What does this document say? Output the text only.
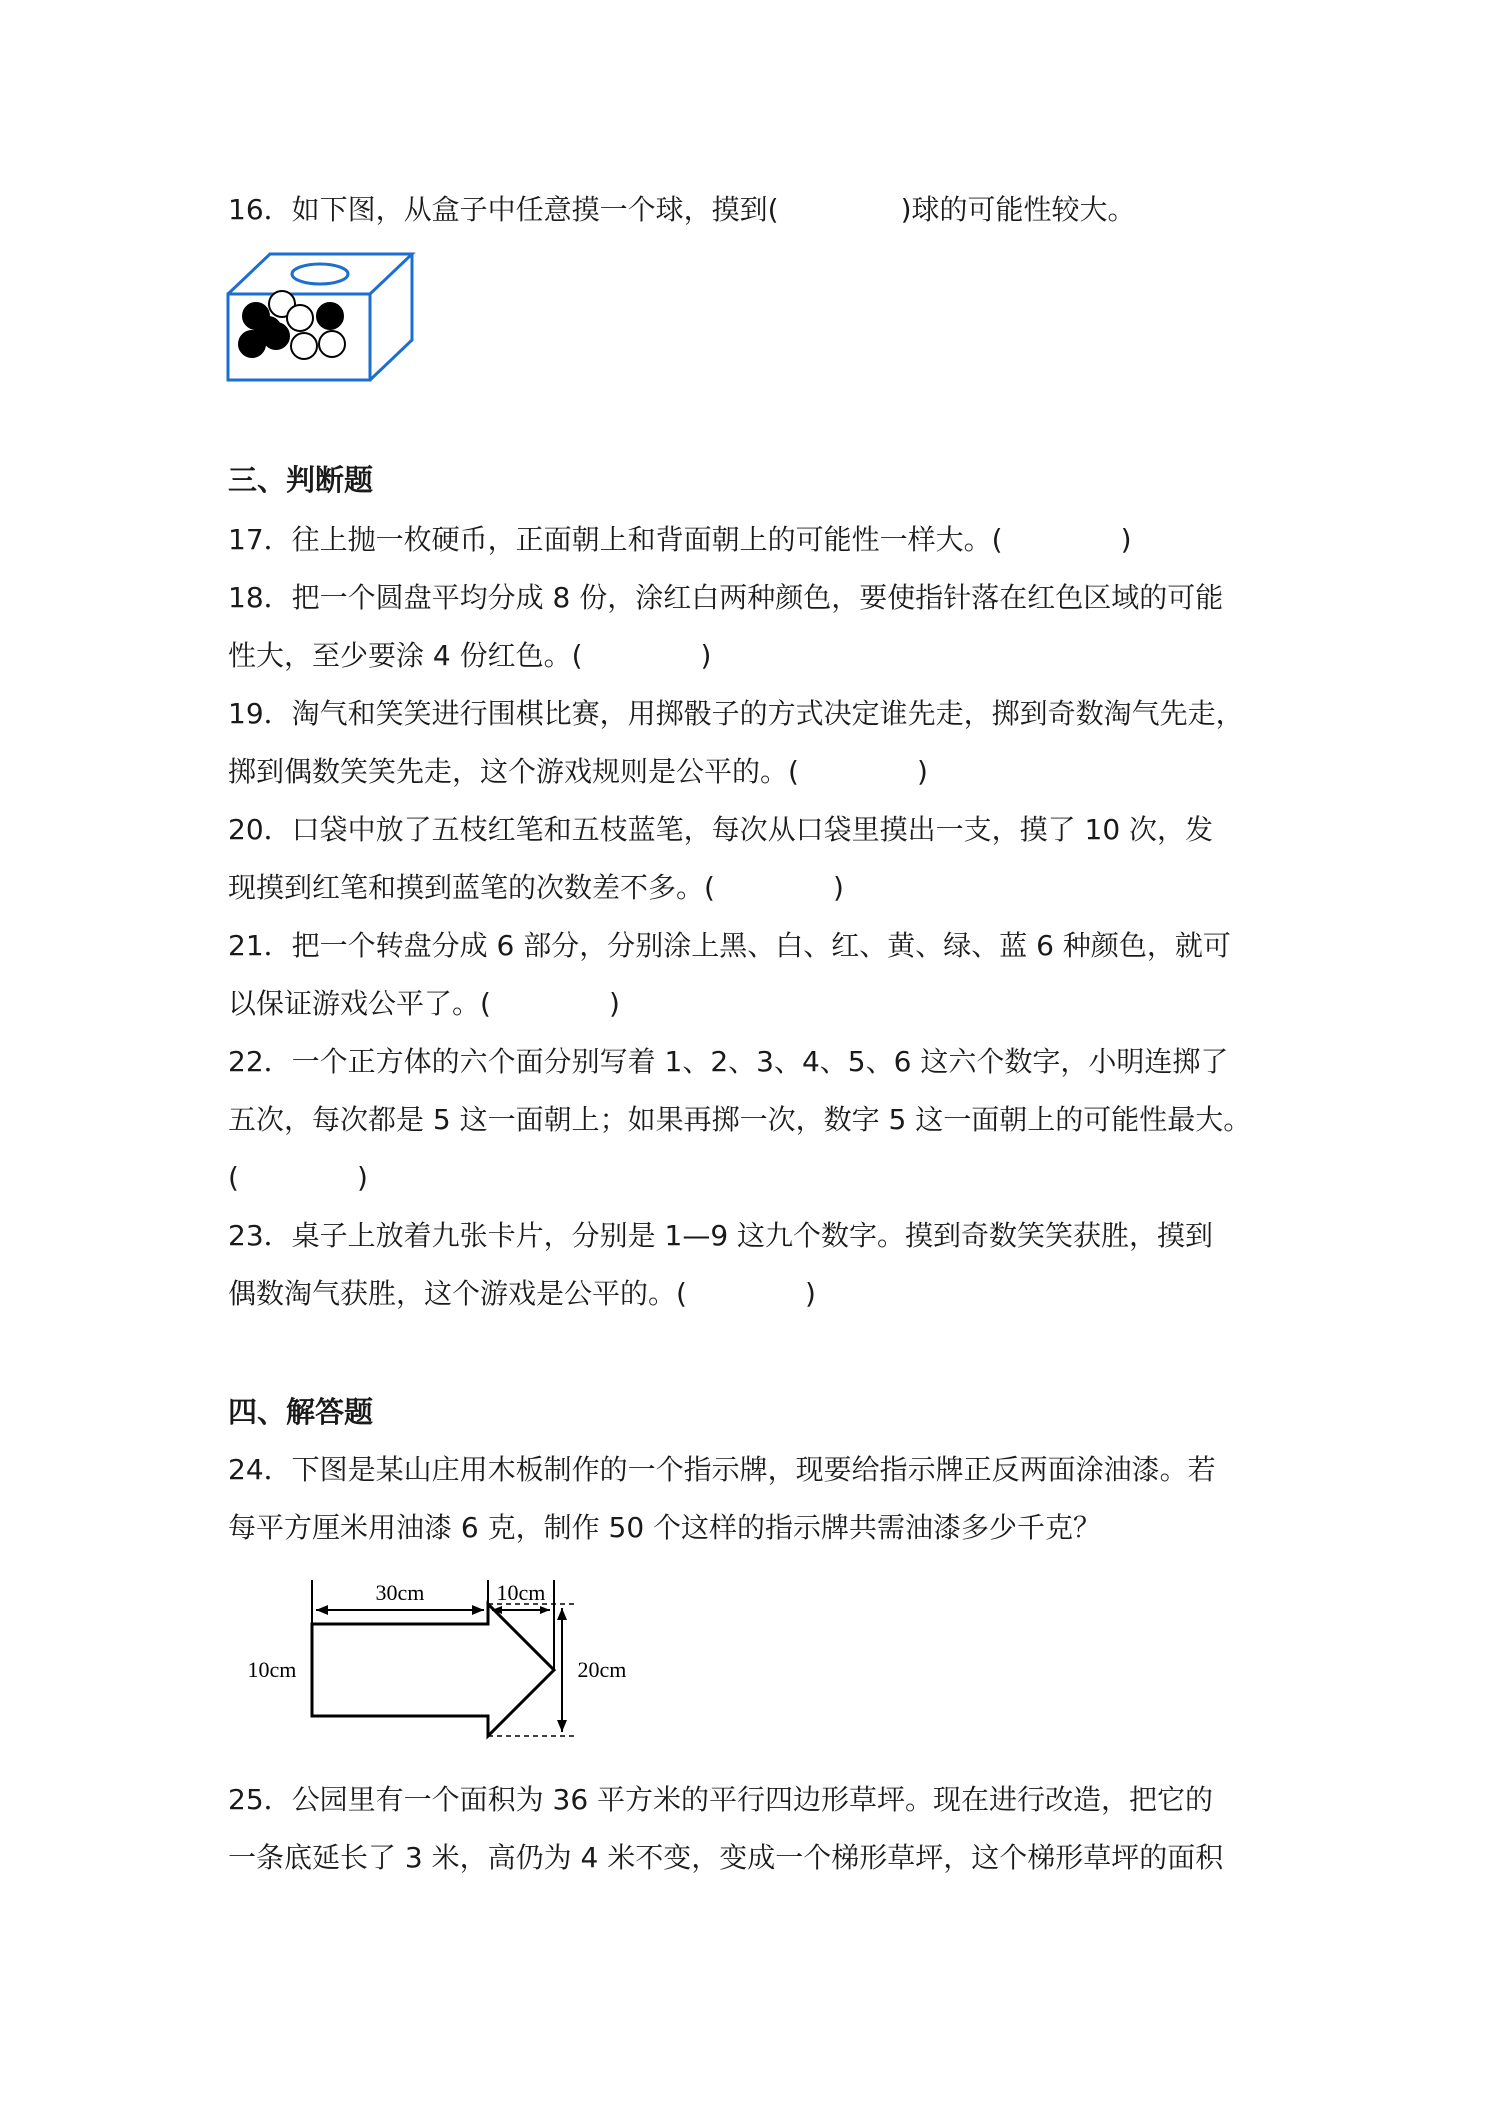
16．如下图，从盒子中任意摸一个球，摸到(	)球的可能性较大。
三、判断题
17．往上抛一枚硬币，正面朝上和背面朝上的可能性一样大。(	)
18．把一个圆盘平均分成 8 份，涂红白两种颜色，要使指针落在红色区域的可能
性大，至少要涂 4 份红色。(	)
19．淘气和笑笑进行围棋比赛，用掷骰子的方式决定谁先走，掷到奇数淘气先走，
掷到偶数笑笑先走，这个游戏规则是公平的。(	)
20．口袋中放了五枝红笔和五枝蓝笔，每次从口袋里摸出一支，摸了 10 次，发
现摸到红笔和摸到蓝笔的次数差不多。(	)
21．把一个转盘分成 6 部分，分别涂上黑、白、红、黄、绿、蓝 6 种颜色，就可
以保证游戏公平了。(	)
22．一个正方体的六个面分别写着 1、2、3、4、5、6 这六个数字，小明连掷了
五次，每次都是 5 这一面朝上；如果再掷一次，数字 5 这一面朝上的可能性最大。
(	)
23．桌子上放着九张卡片，分别是 1—9 这九个数字。摸到奇数笑笑获胜，摸到
偶数淘气获胜，这个游戏是公平的。(	)
四、解答题
24．下图是某山庄用木板制作的一个指示牌，现要给指示牌正反两面涂油漆。若
每平方厘米用油漆 6 克，制作 50 个这样的指示牌共需油漆多少千克？
30cm	10cm
10cm	20cm
25．公园里有一个面积为 36 平方米的平行四边形草坪。现在进行改造，把它的
一条底延长了 3 米，高仍为 4 米不变，变成一个梯形草坪，这个梯形草坪的面积
